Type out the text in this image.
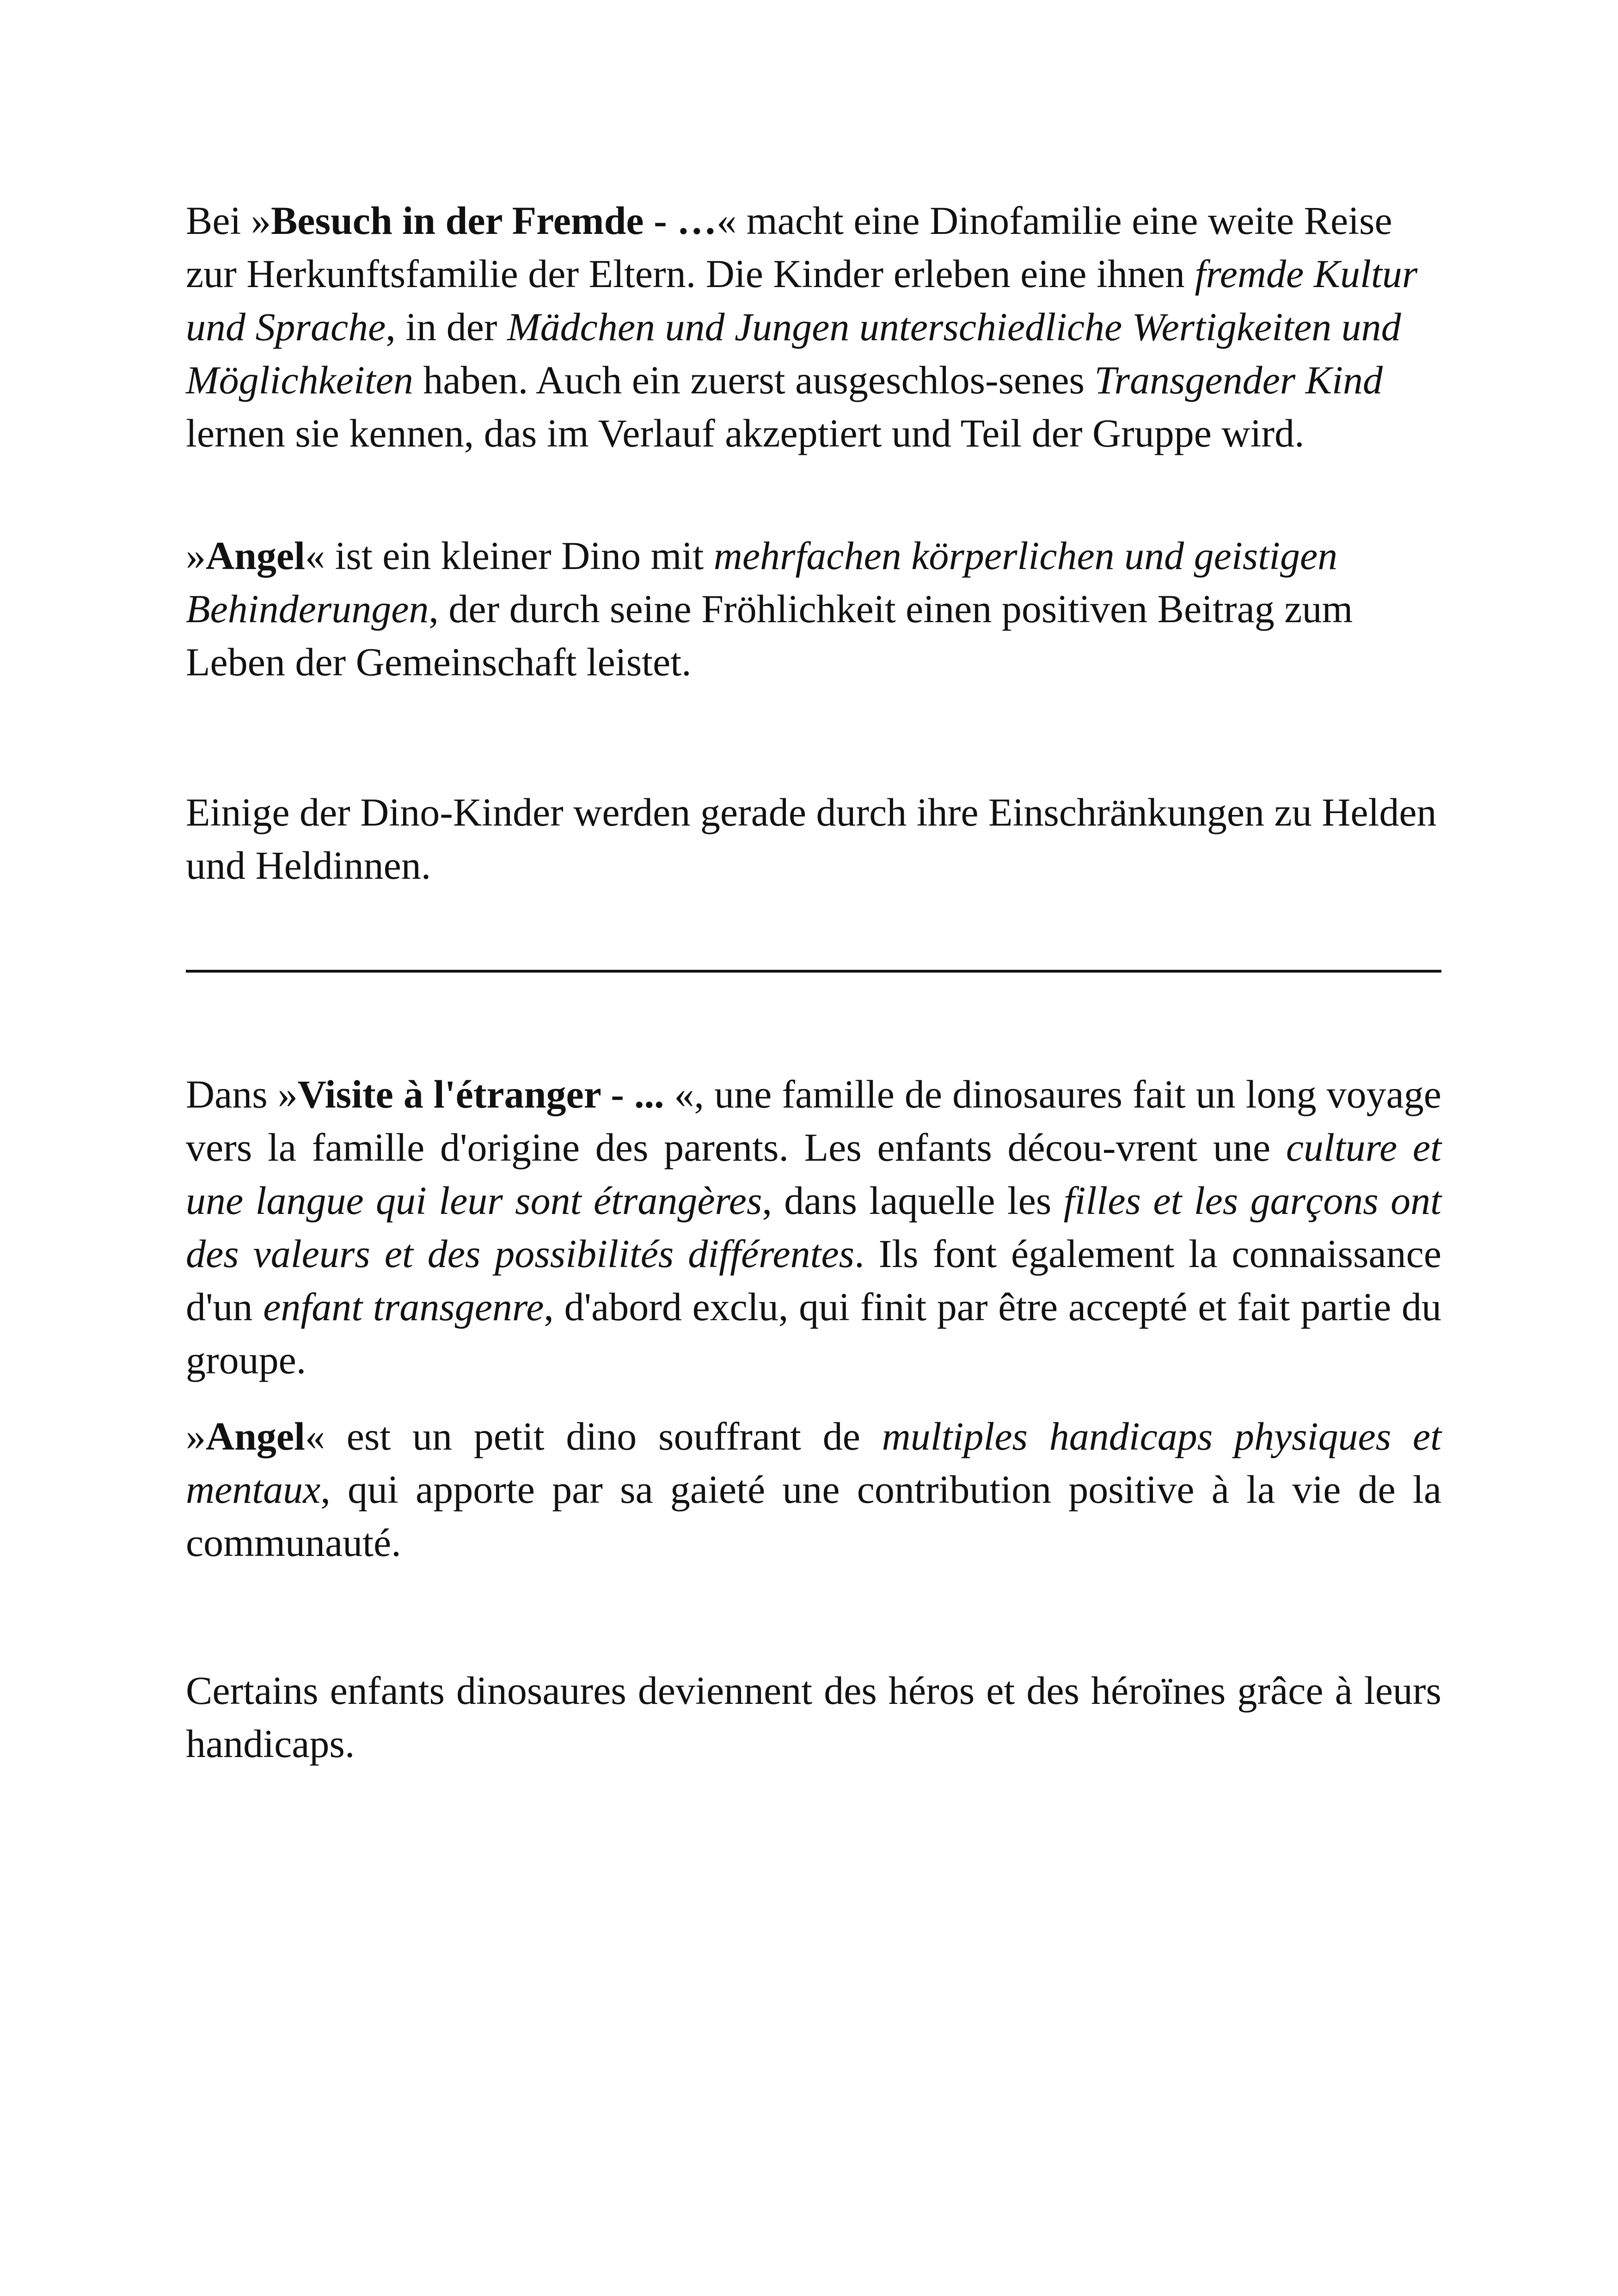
Bei »Besuch in der Fremde - …« macht eine Dinofamilie eine weite Reise zur Herkunftsfamilie der Eltern. Die Kinder erleben eine ihnen fremde Kultur und Sprache, in der Mädchen und Jungen unterschiedliche Wertigkeiten und Möglichkeiten haben. Auch ein zuerst ausgeschlos-senes Transgender Kind lernen sie kennen, das im Verlauf akzeptiert und Teil der Gruppe wird.

»Angel« ist ein kleiner Dino mit mehrfachen körperlichen und geistigen Behinderungen, der durch seine Fröhlichkeit einen positiven Beitrag zum Leben der Gemeinschaft leistet.

Einige der Dino-Kinder werden gerade durch ihre Einschränkungen zu Helden und Heldinnen.

Dans »Visite à l'étranger - ... «, une famille de dinosaures fait un long voyage vers la famille d'origine des parents. Les enfants décou-vrent une culture et une langue qui leur sont étrangères, dans laquelle les filles et les garçons ont des valeurs et des possibilités différentes. Ils font également la connaissance d'un enfant transgenre, d'abord exclu, qui finit par être accepté et fait partie du groupe.

»Angel« est un petit dino souffrant de multiples handicaps physiques et mentaux, qui apporte par sa gaieté une contribution positive à la vie de la communauté.

Certains enfants dinosaures deviennent des héros et des héroïnes grâce à leurs handicaps.
